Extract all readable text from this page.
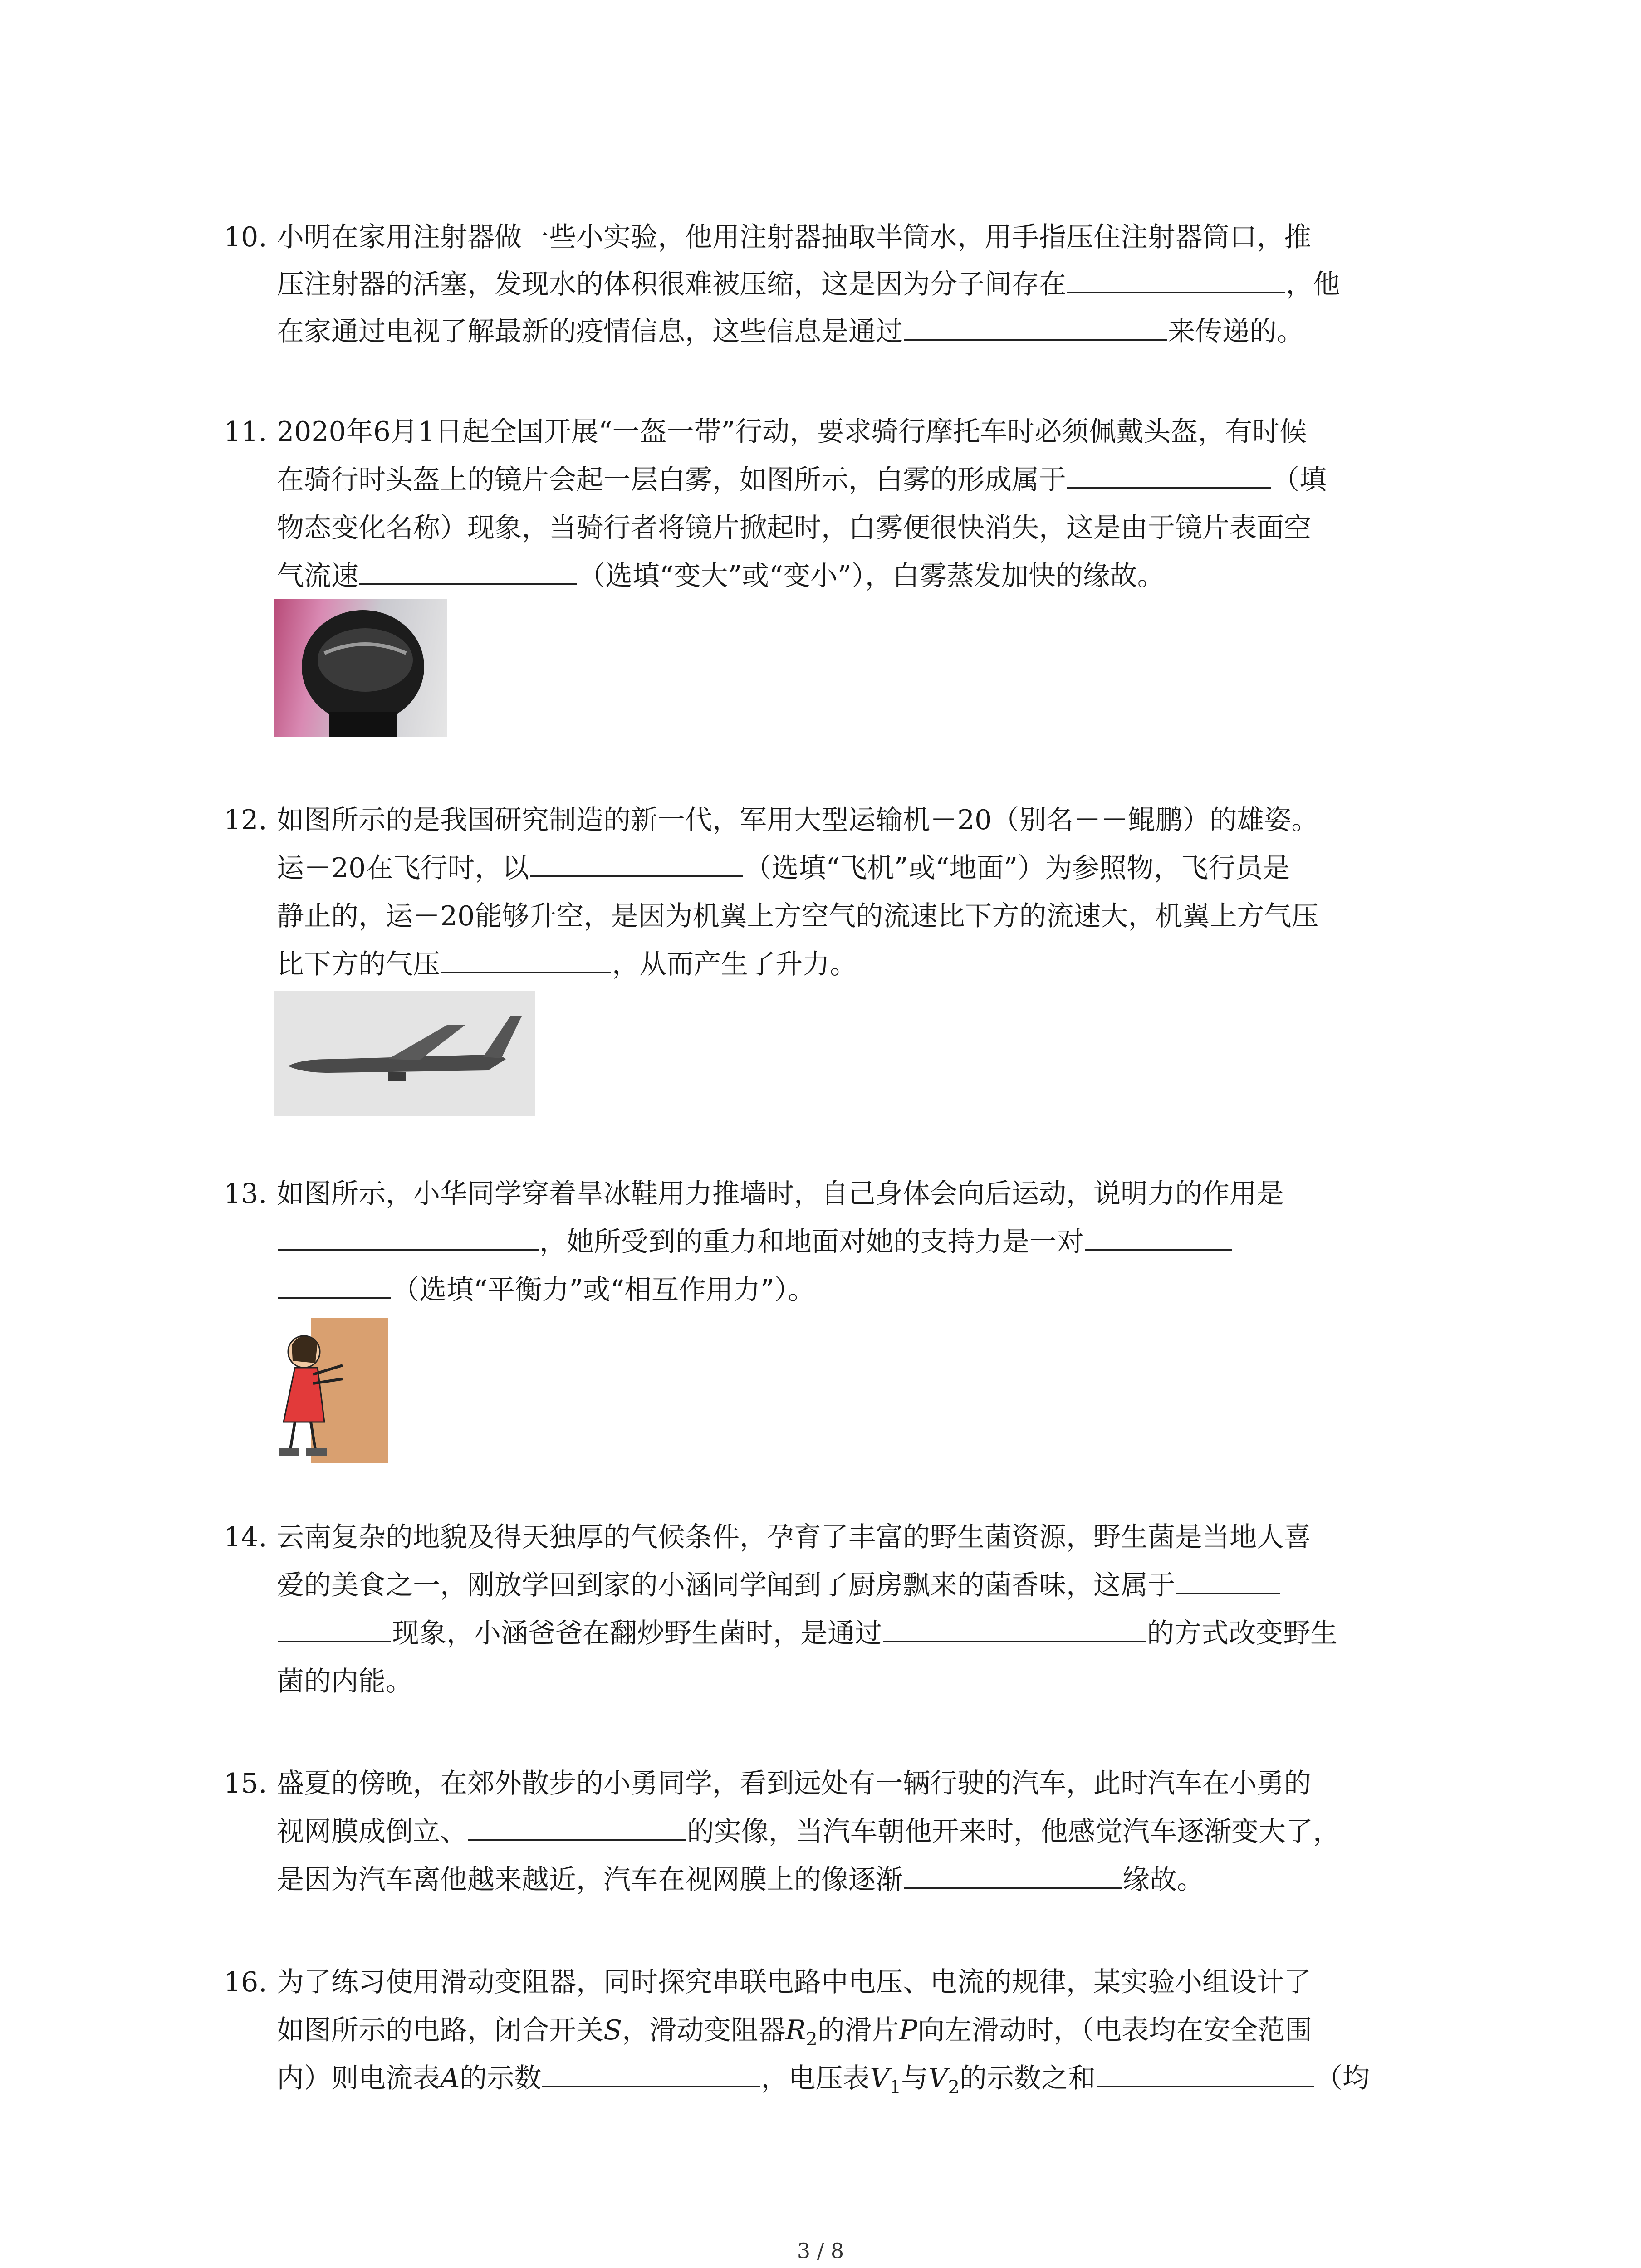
10. 小明在家用注射器做一些小实验，他用注射器抽取半筒水，用手指压住注射器筒口，推
压注射器的活塞，发现水的体积很难被压缩，这是因为分子间存在	，他
在家通过电视了解最新的疫情信息，这些信息是通过	来传递的。
11. 2020年6月1日起全国开展“一盔一带”行动，要求骑行摩托车时必须佩戴头盔，有时候
在骑行时头盔上的镜片会起一层白雾，如图所示，白雾的形成属于	（填
物态变化名称）现象，当骑行者将镜片掀起时，白雾便很快消失，这是由于镜片表面空
气流速	（选填“变大”或“变小”），白雾蒸发加快的缘故。
12. 如图所示的是我国研究制造的新一代，军用大型运输机－20（别名－－鲲鹏）的雄姿。
运－20在飞行时，以	（选填“飞机”或“地面”）为参照物，飞行员是
静止的，运－20能够升空，是因为机翼上方空气的流速比下方的流速大，机翼上方气压
比下方的气压	，从而产生了升力。
13. 如图所示，小华同学穿着旱冰鞋用力推墙时，自己身体会向后运动，说明力的作用是
，她所受到的重力和地面对她的支持力是一对
（选填“平衡力”或“相互作用力”）。
14. 云南复杂的地貌及得天独厚的气候条件，孕育了丰富的野生菌资源，野生菌是当地人喜
爱的美食之一，刚放学回到家的小涵同学闻到了厨房飘来的菌香味，这属于
现象，小涵爸爸在翻炒野生菌时，是通过	的方式改变野生
菌的内能。
15. 盛夏的傍晚，在郊外散步的小勇同学，看到远处有一辆行驶的汽车，此时汽车在小勇的
视网膜成倒立、	的实像，当汽车朝他开来时，他感觉汽车逐渐变大了，
是因为汽车离他越来越近，汽车在视网膜上的像逐渐	缘故。
16. 为了练习使用滑动变阻器，同时探究串联电路中电压、电流的规律，某实验小组设计了
如图所示的电路，闭合开关S，滑动变阻器$R_2$的滑片P向左滑动时，（电表均在安全范围
内）则电流表A的示数	，电压表$V_1$与$V_2$的示数之和	（均
3 / 8
